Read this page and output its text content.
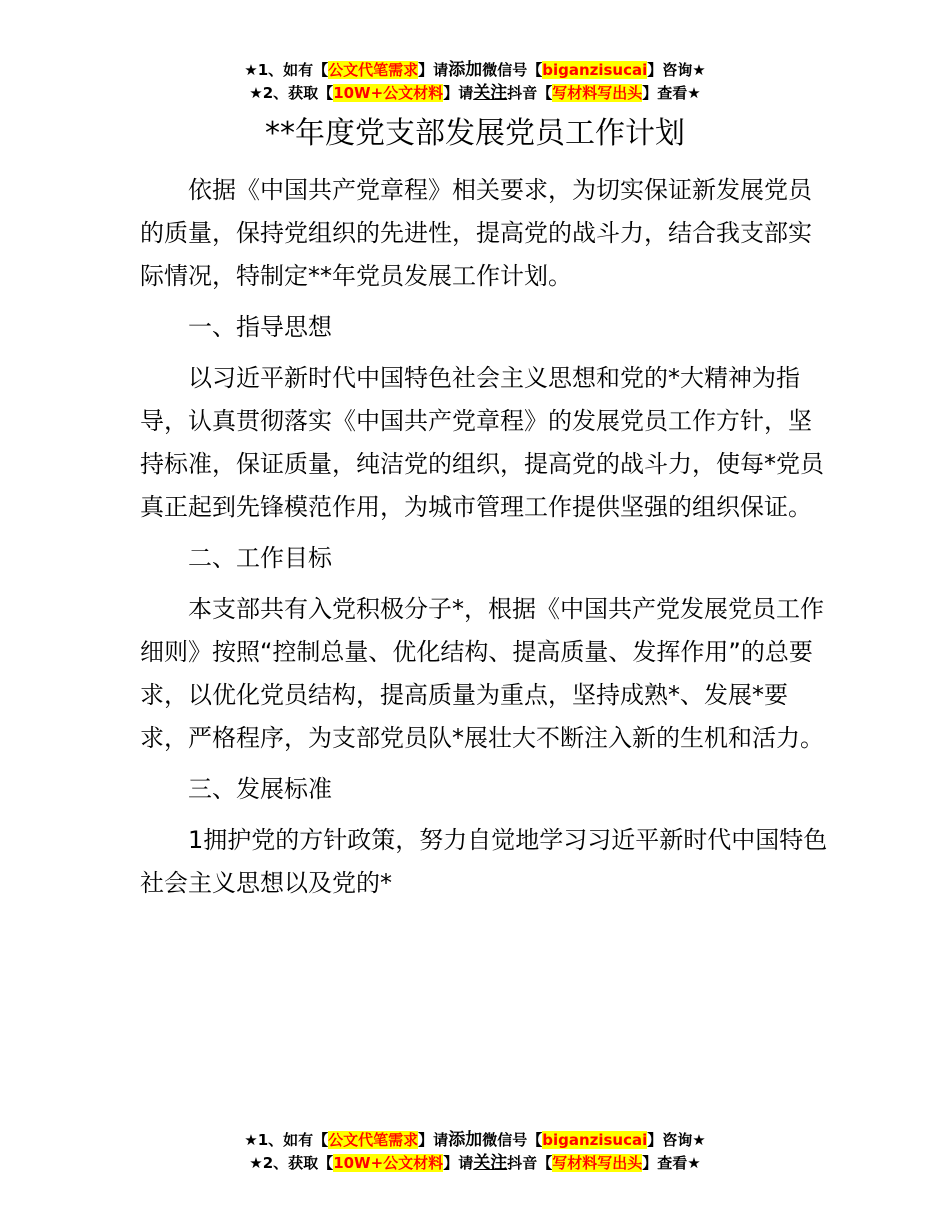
★1、如有【公文代笔需求】请添加微信号【biganzisucai】咨询★
★2、获取【10W+公文材料】请关注抖音【写材料写出头】查看★
**年度党支部发展党员工作计划

依据《中国共产党章程》相关要求，为切实保证新发展党员的质量，保持党组织的先进性，提高党的战斗力，结合我支部实际情况，特制定**年党员发展工作计划。

一、指导思想

以习近平新时代中国特色社会主义思想和党的*大精神为指导，认真贯彻落实《中国共产党章程》的发展党员工作方针，坚持标准，保证质量，纯洁党的组织，提高党的战斗力，使每*党员真正起到先锋模范作用，为城市管理工作提供坚强的组织保证。

二、工作目标

本支部共有入党积极分子*，根据《中国共产党发展党员工作细则》按照“控制总量、优化结构、提高质量、发挥作用”的总要求，以优化党员结构，提高质量为重点，坚持成熟*、发展*要求，严格程序，为支部党员队*展壮大不断注入新的生机和活力。

三、发展标准

1拥护党的方针政策，努力自觉地学习习近平新时代中国特色社会主义思想以及党的*

★1、如有【公文代笔需求】请添加微信号【biganzisucai】咨询★
★2、获取【10W+公文材料】请关注抖音【写材料写出头】查看★
